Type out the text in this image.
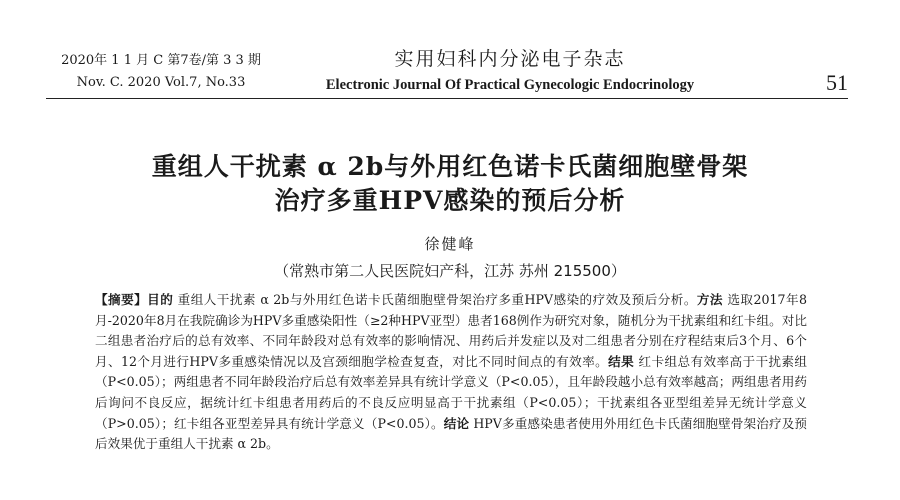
2020年 1 1 月 C 第7卷/第 3 3 期
Nov. C. 2020 Vol.7, No.33
实用妇科内分泌电子杂志
Electronic Journal Of Practical Gynecologic Endocrinology	51
重组人干扰素 α 2b与外用红色诺卡氏菌细胞壁骨架
治疗多重HPV感染的预后分析
徐健峰
（常熟市第二人民医院妇产科，江苏 苏州 215500）
【摘要】目的 重组人干扰素 α 2b与外用红色诺卡氏菌细胞壁骨架治疗多重HPV感染的疗效及预后分析。方法 选取2017年8月-2020年8月在我院确诊为HPV多重感染阳性（≥2种HPV亚型）患者168例作为研究对象，随机分为干扰素组和红卡组。对比二组患者治疗后的总有效率、不同年龄段对总有效率的影响情况、用药后并发症以及对二组患者分别在疗程结束后3个月、6个月、12个月进行HPV多重感染情况以及宫颈细胞学检查复查，对比不同时间点的有效率。结果 红卡组总有效率高于干扰素组（P<0.05）；两组患者不同年龄段治疗后总有效率差异具有统计学意义（P<0.05），且年龄段越小总有效率越高；两组患者用药后询问不良反应，据统计红卡组患者用药后的不良反应明显高于干扰素组（P<0.05）；干扰素组各亚型组差异无统计学意义（P>0.05）；红卡组各亚型差异具有统计学意义（P<0.05）。结论 HPV多重感染患者使用外用红色卡氏菌细胞壁骨架治疗及预后效果优于重组人干扰素 α 2b。
